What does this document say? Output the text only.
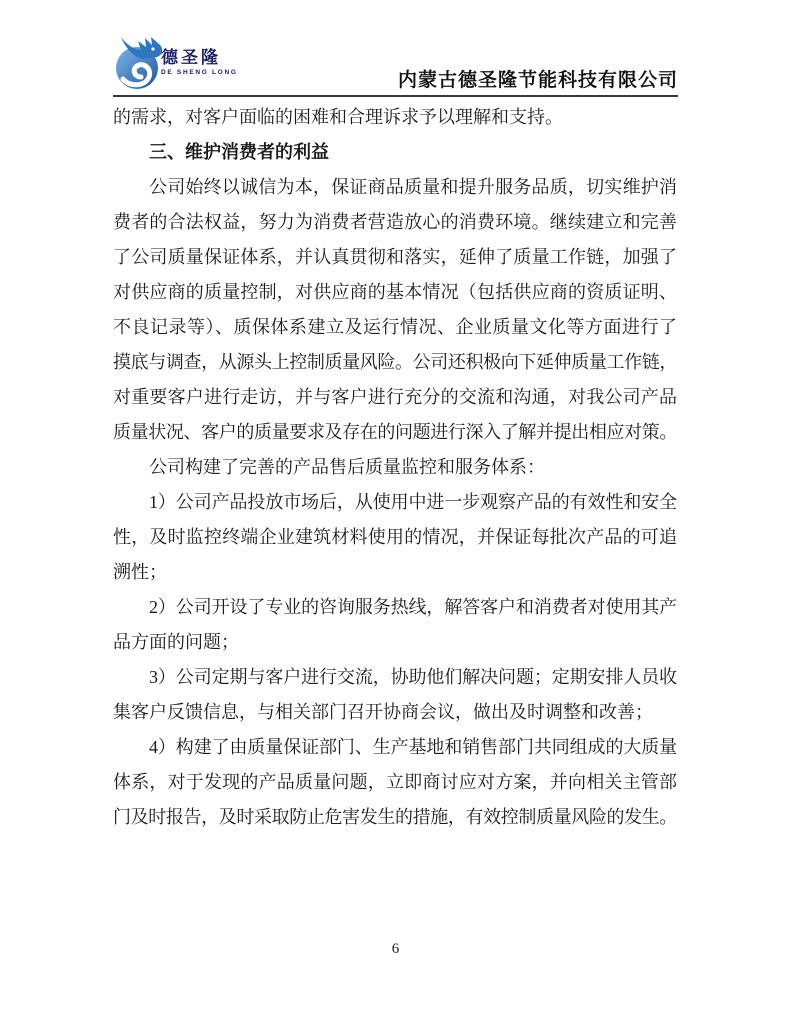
德圣隆
DE SHENG LONG	内蒙古德圣隆节能科技有限公司
的需求，对客户面临的困难和合理诉求予以理解和支持。
三、维护消费者的利益
公司始终以诚信为本，保证商品质量和提升服务品质，切实维护消
费者的合法权益，努力为消费者营造放心的消费环境。继续建立和完善
了公司质量保证体系，并认真贯彻和落实，延伸了质量工作链，加强了
对供应商的质量控制，对供应商的基本情况（包括供应商的资质证明、
不良记录等）、质保体系建立及运行情况、企业质量文化等方面进行了
摸底与调查，从源头上控制质量风险。公司还积极向下延伸质量工作链，
对重要客户进行走访，并与客户进行充分的交流和沟通，对我公司产品
质量状况、客户的质量要求及存在的问题进行深入了解并提出相应对策。
公司构建了完善的产品售后质量监控和服务体系：
1）公司产品投放市场后，从使用中进一步观察产品的有效性和安全
性，及时监控终端企业建筑材料使用的情况，并保证每批次产品的可追
溯性；
2）公司开设了专业的咨询服务热线，解答客户和消费者对使用其产
品方面的问题；
3）公司定期与客户进行交流，协助他们解决问题；定期安排人员收
集客户反馈信息，与相关部门召开协商会议，做出及时调整和改善；
4）构建了由质量保证部门、生产基地和销售部门共同组成的大质量
体系，对于发现的产品质量问题，立即商讨应对方案，并向相关主管部
门及时报告，及时采取防止危害发生的措施，有效控制质量风险的发生。
6
